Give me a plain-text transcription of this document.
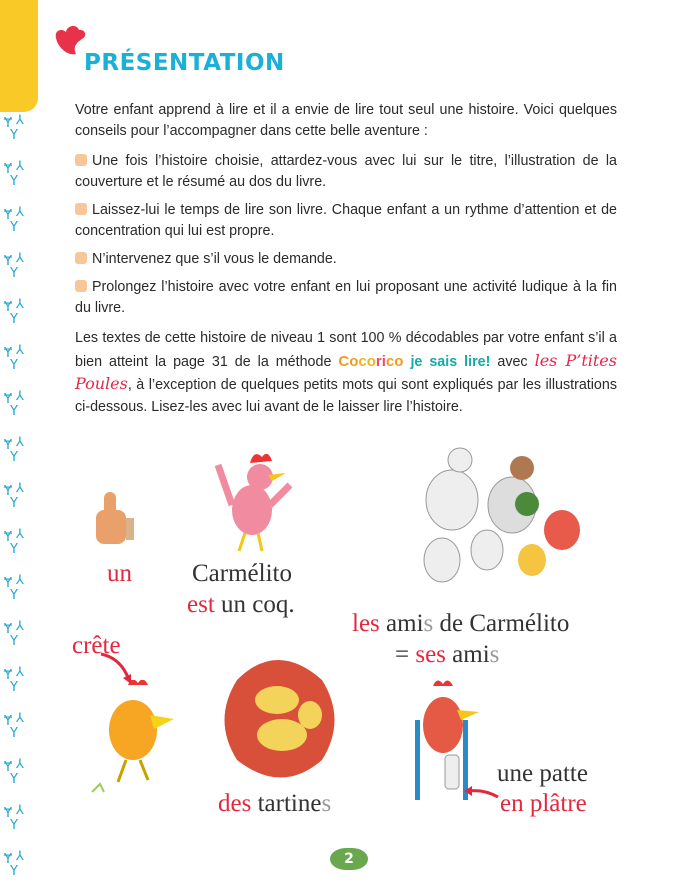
Ɏ ⅄
Y
Ɏ ⅄
Y
Ɏ ⅄
Y
Ɏ ⅄
Y
Ɏ ⅄
Y
Ɏ ⅄
Y
Ɏ ⅄
Y
Ɏ ⅄
Y
Ɏ ⅄
Y
Ɏ ⅄
Y
Ɏ ⅄
Y
Ɏ ⅄
Y
Ɏ ⅄
Y
Ɏ ⅄
Y
Ɏ ⅄
Y
Ɏ ⅄
Y
Ɏ ⅄
Y
PRÉSENTATION

Votre enfant apprend à lire et il a envie de lire tout seul une histoire. Voici quelques conseils pour l’accompagner dans cette belle aventure :

Une fois l’histoire choisie, attardez-vous avec lui sur le titre, l’illustration de la couverture et le résumé au dos du livre.

Laissez-lui le temps de lire son livre. Chaque enfant a un rythme d’attention et de concentration qui lui est propre.

N’intervenez que s’il vous le demande.

Prolongez l’histoire avec votre enfant en lui proposant une activité ludique à la fin du livre.

Les textes de cette histoire de niveau 1 sont 100 % décodables par votre enfant s’il a bien atteint la page 31 de la méthode Cocorico je sais lire! avec les P’tites Poules, à l’exception de quelques petits mots qui sont expliqués par les illustrations ci-dessous. Lisez-les avec lui avant de le laisser lire l’histoire.
un Carmélito
est un coq.
les amis de Carmélito
= ses amis
crête
des tartines
une patte
en plâtre
2
